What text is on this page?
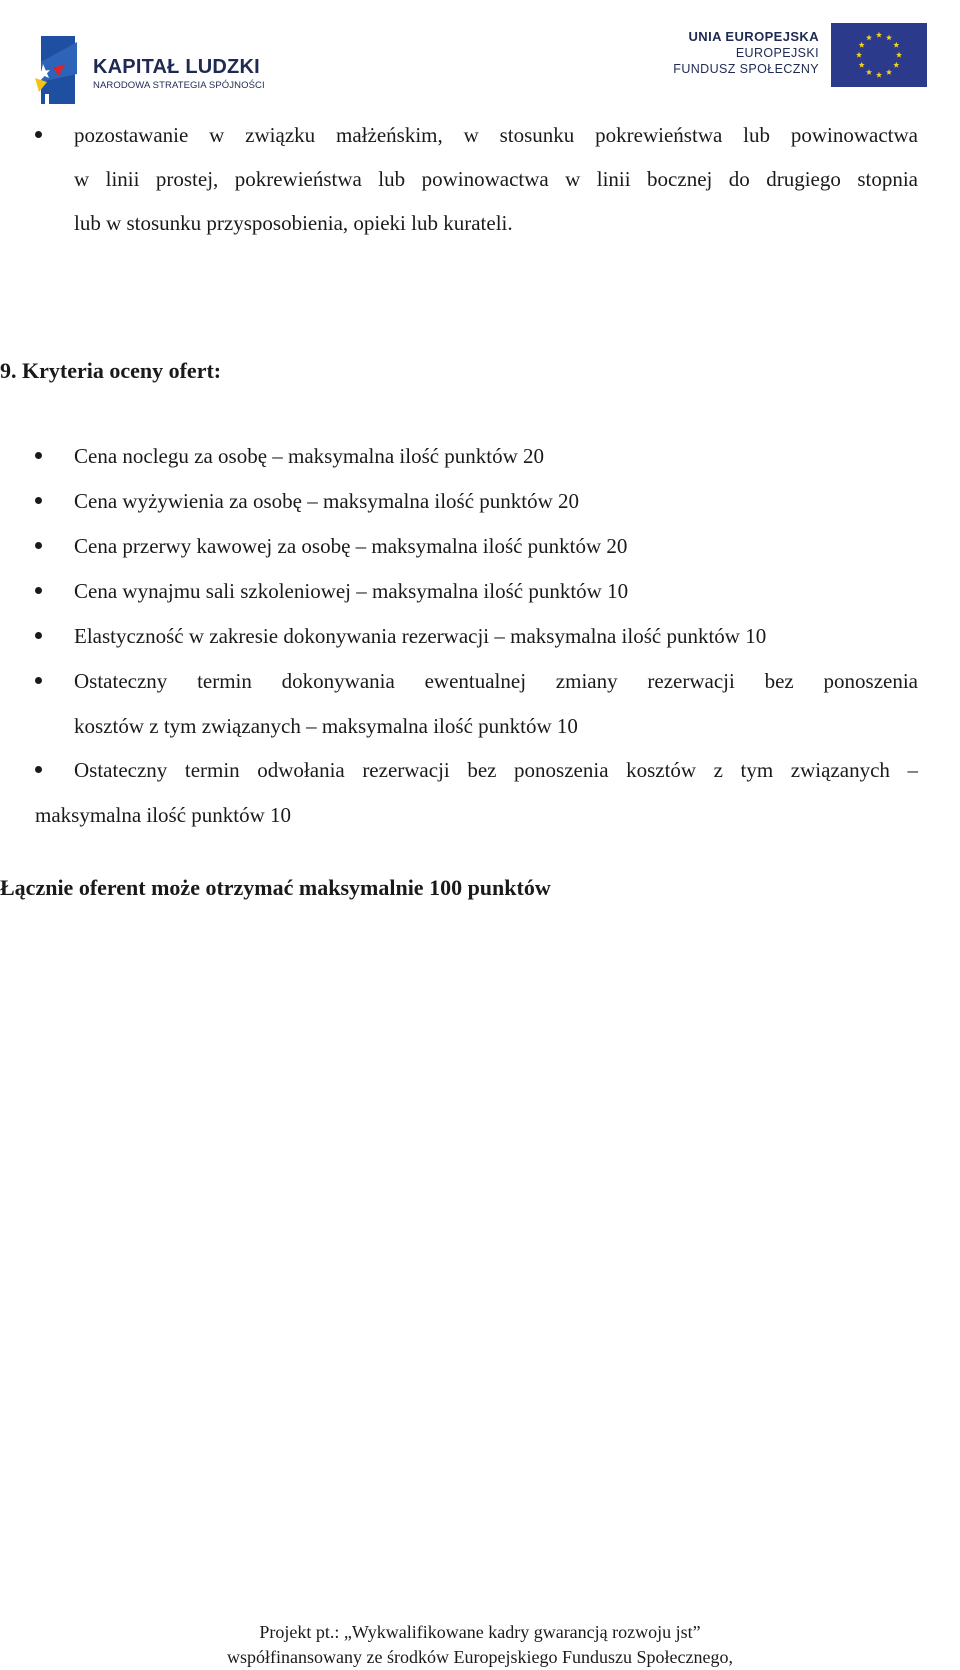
KAPITAŁ LUDZKI
NARODOWA STRATEGIA SPÓJNOŚCI
UNIA EUROPEJSKA
EUROPEJSKI
FUNDUSZ SPOŁECZNY
pozostawanie w związku małżeńskim, w stosunku pokrewieństwa lub powinowactwa
w linii prostej, pokrewieństwa lub powinowactwa w linii bocznej do drugiego stopnia
lub w stosunku przysposobienia, opieki lub kurateli.
9. Kryteria oceny ofert:
Cena noclegu za osobę – maksymalna ilość punktów 20
Cena wyżywienia za osobę – maksymalna ilość punktów 20
Cena przerwy kawowej za osobę – maksymalna ilość punktów 20
Cena wynajmu sali szkoleniowej – maksymalna ilość punktów 10
Elastyczność w zakresie dokonywania rezerwacji – maksymalna ilość punktów 10
Ostateczny termin dokonywania ewentualnej zmiany rezerwacji bez ponoszenia
kosztów z tym związanych – maksymalna ilość punktów 10
Ostateczny termin odwołania rezerwacji bez ponoszenia kosztów z tym związanych –
maksymalna ilość punktów 10
Łącznie oferent może otrzymać maksymalnie 100 punktów
Projekt pt.: „Wykwalifikowane kadry gwarancją rozwoju jst”
współfinansowany ze środków Europejskiego Funduszu Społecznego,
